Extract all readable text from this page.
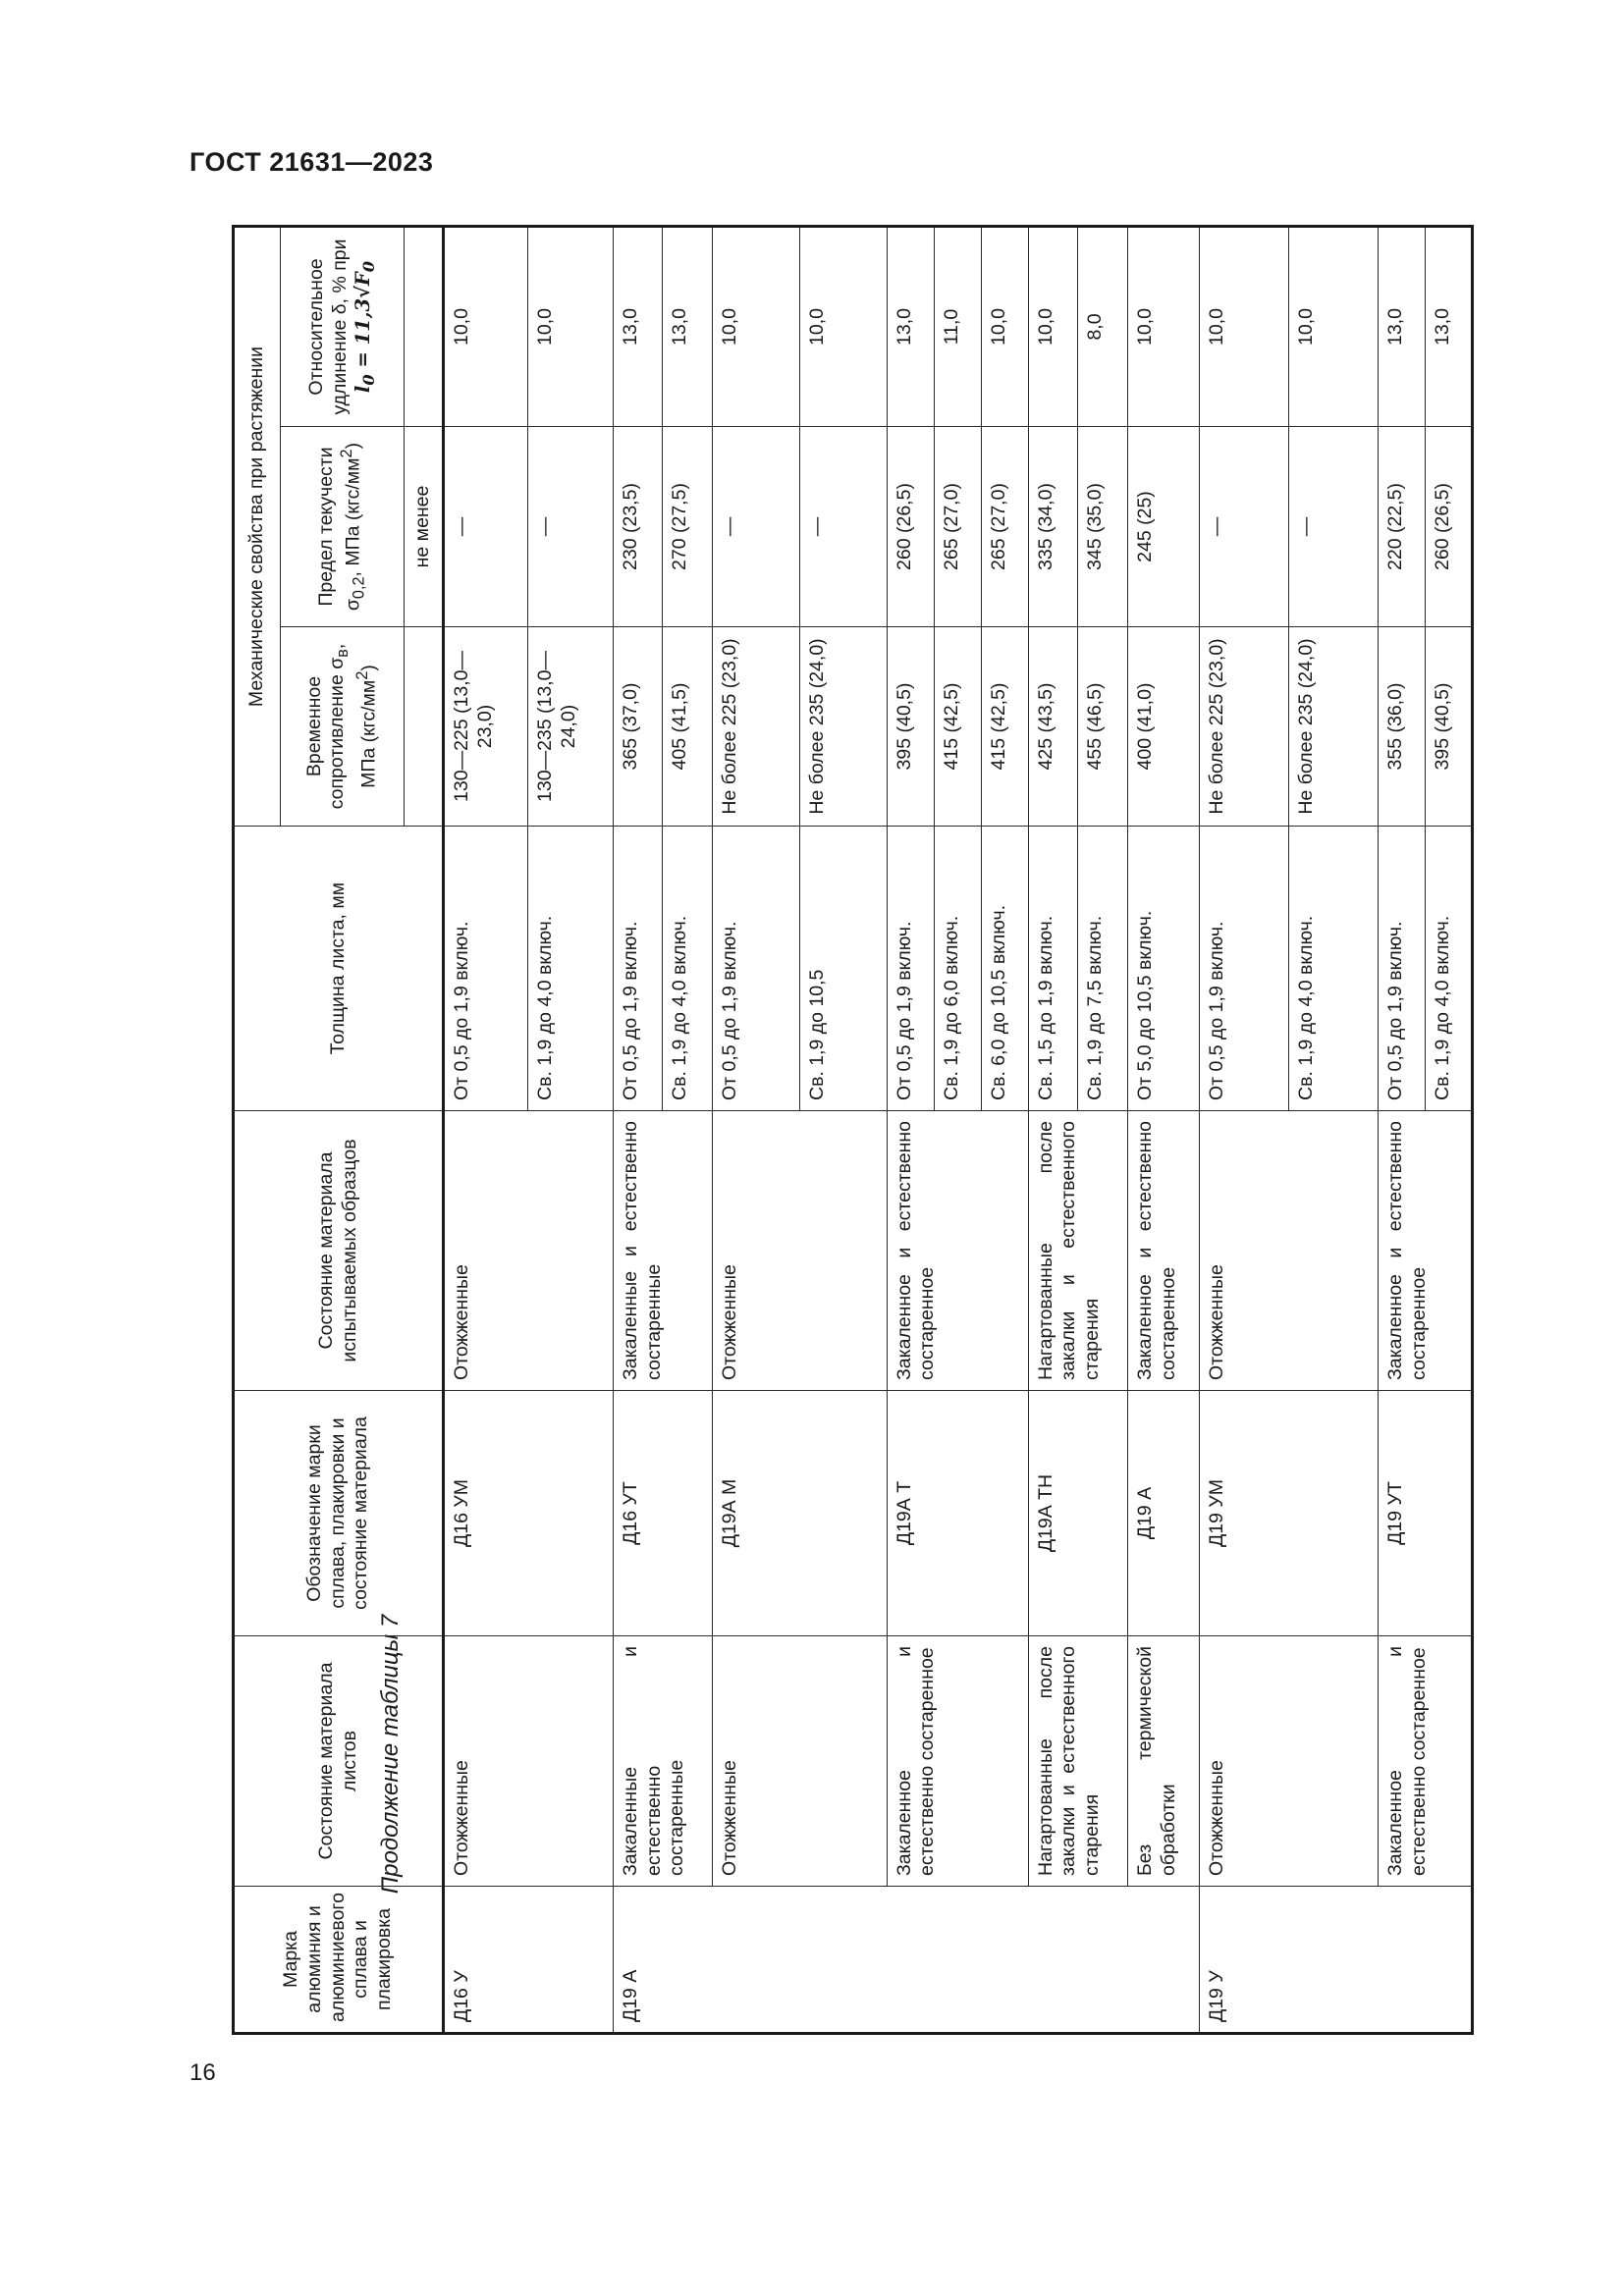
ГОСТ 21631—2023
Продолжение таблицы 7
16
Марка алюминия и алюминиевого сплава и плакировка	Состояние материала листов	Обозначение марки сплава, плакировки и состояние материала	Состояние материала испытываемых образцов	Толщина листа, мм	Механические свойства при растяжении		
					Временное сопротивление $\sigma_в$, МПа $(кгс/мм^2)$	Предел текучести $\sigma_{0,2}$, МПа $(кгс/мм^2)$	Относительное удлинение δ, % при $l_0 = 11,3√F_0$
						не менее	
Д16 У	Отожженные	Д16 УМ	Отожженные	От 0,5 до 1,9 включ.	130—225 (13,0—23,0)	—	10,0
				Св. 1,9 до 4,0 включ.	130—235 (13,0—24,0)	—	10,0
Д19 А	Закаленные и естественно состаренные	Д16 УТ	Закаленные и естественно состаренные	От 0,5 до 1,9 включ.	365 (37,0)	230 (23,5)	13,0
				Св. 1,9 до 4,0 включ.	405 (41,5)	270 (27,5)	13,0
	Отожженные	Д19А М	Отожженные	От 0,5 до 1,9 включ.	Не более 225 (23,0)	—	10,0
				Св. 1,9 до 10,5	Не более 235 (24,0)	—	10,0
	Закаленное и естественно состаренное	Д19А Т	Закаленное и естественно состаренное	От 0,5 до 1,9 включ.	395 (40,5)	260 (26,5)	13,0
				Св. 1,9 до 6,0 включ.	415 (42,5)	265 (27,0)	11,0
				Св. 6,0 до 10,5 включ.	415 (42,5)	265 (27,0)	10,0
	Нагартованные после закалки и естественного старения	Д19А ТН	Нагартованные после закалки и естественного старения	Св. 1,5 до 1,9 включ.	425 (43,5)	335 (34,0)	10,0
				Св. 1,9 до 7,5 включ.	455 (46,5)	345 (35,0)	8,0
	Без термической обработки	Д19 А	Закаленное и естественно состаренное	От 5,0 до 10,5 включ.	400 (41,0)	245 (25)	10,0
Д19 У	Отожженные	Д19 УМ	Отожженные	От 0,5 до 1,9 включ.	Не более 225 (23,0)	—	10,0
				Св. 1,9 до 4,0 включ.	Не более 235 (24,0)	—	10,0
	Закаленное и естественно состаренное	Д19 УТ	Закаленное и естественно состаренное	От 0,5 до 1,9 включ.	355 (36,0)	220 (22,5)	13,0
				Св. 1,9 до 4,0 включ.	395 (40,5)	260 (26,5)	13,0
